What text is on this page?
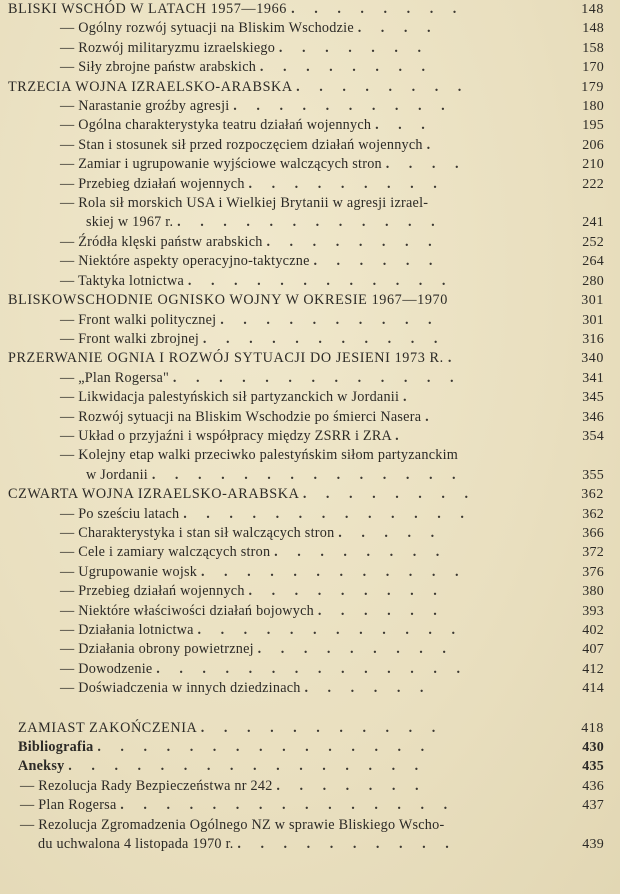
BLISKI WSCHÓD W LATACH 1957—1966 . . . . . . . .	148
— Ogólny rozwój sytuacji na Bliskim Wschodzie . . . .	148
— Rozwój militaryzmu izraelskiego . . . . . . .	158
— Siły zbrojne państw arabskich . . . . . . . .	170
TRZECIA WOJNA IZRAELSKO-ARABSKA . . . . . . . .	179
— Narastanie groźby agresji . . . . . . . . . .	180
— Ogólna charakterystyka teatru działań wojennych . . .	195
— Stan i stosunek sił przed rozpoczęciem działań wojennych .	206
— Zamiar i ugrupowanie wyjściowe walczących stron . . . .	210
— Przebieg działań wojennych . . . . . . . . .	222
— Rola sił morskich USA i Wielkiej Brytanii w agresji izrael-
skiej w 1967 r. . . . . . . . . . . . .	241
— Źródła klęski państw arabskich . . . . . . . .	252
— Niektóre aspekty operacyjno-taktyczne . . . . . .	264
— Taktyka lotnictwa . . . . . . . . . . . .	280
BLISKOWSCHODNIE OGNISKO WOJNY W OKRESIE 1967—1970	301
— Front walki politycznej . . . . . . . . . .	301
— Front walki zbrojnej . . . . . . . . . . .	316
PRZERWANIE OGNIA I ROZWÓJ SYTUACJI DO JESIENI 1973 R. .	340
— „Plan Rogersa" . . . . . . . . . . . . .	341
— Likwidacja palestyńskich sił partyzanckich w Jordanii .	345
— Rozwój sytuacji na Bliskim Wschodzie po śmierci Nasera .	346
— Układ o przyjaźni i współpracy między ZSRR i ZRA .	354
— Kolejny etap walki przeciwko palestyńskim siłom partyzanckim
w Jordanii . . . . . . . . . . . . . .	355
CZWARTA WOJNA IZRAELSKO-ARABSKA . . . . . . . .	362
— Po sześciu latach . . . . . . . . . . . . .	362
— Charakterystyka i stan sił walczących stron . . . . .	366
— Cele i zamiary walczących stron . . . . . . . .	372
— Ugrupowanie wojsk . . . . . . . . . . . .	376
— Przebieg działań wojennych . . . . . . . . .	380
— Niektóre właściwości działań bojowych . . . . . .	393
— Działania lotnictwa . . . . . . . . . . . .	402
— Działania obrony powietrznej . . . . . . . . .	407
— Dowodzenie . . . . . . . . . . . . . .	412
— Doświadczenia w innych dziedzinach . . . . . .	414
ZAMIAST ZAKOŃCZENIA . . . . . . . . . . .	418
Bibliografia . . . . . . . . . . . . . . .	430
Aneksy . . . . . . . . . . . . . . . .	435
— Rezolucja Rady Bezpieczeństwa nr 242 . . . . . . .	436
— Plan Rogersa . . . . . . . . . . . . . . .	437
— Rezolucja Zgromadzenia Ogólnego NZ w sprawie Bliskiego Wscho-
du uchwalona 4 listopada 1970 r. . . . . . . . . . .	439
